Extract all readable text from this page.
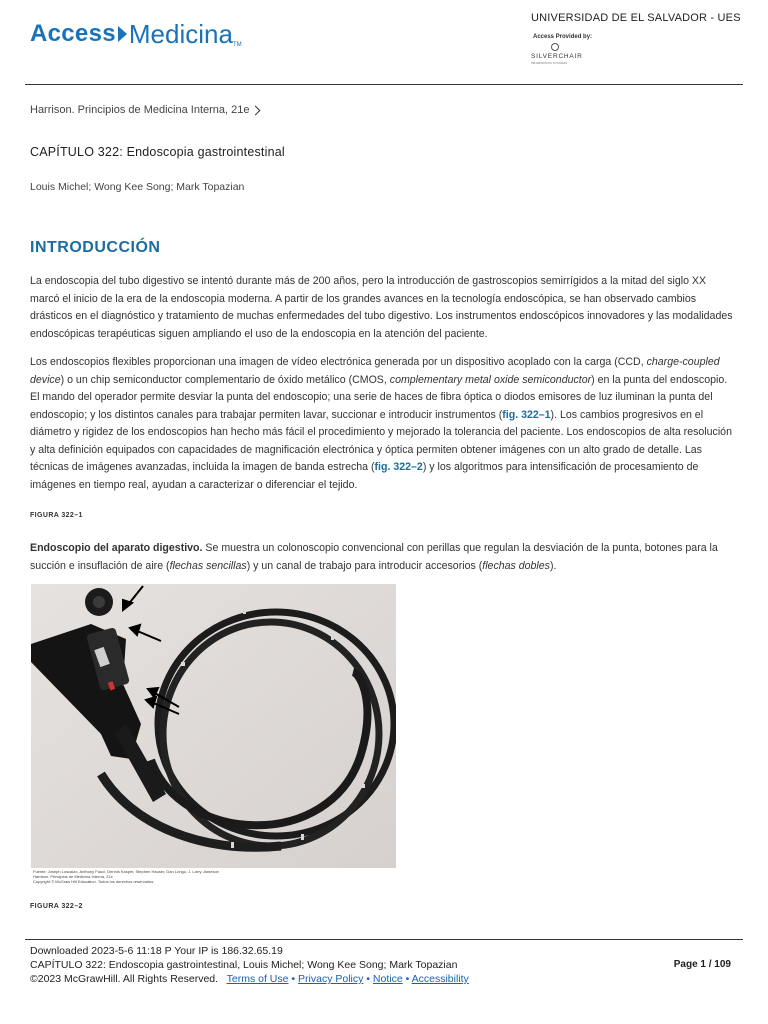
Access Medicina TM
UNIVERSIDAD DE EL SALVADOR - UES
Access Provided by:
SILVERCHAIR
INFORMATION SYSTEMS
Harrison. Principios de Medicina Interna, 21e
CAPÍTULO 322: Endoscopia gastrointestinal
Louis Michel; Wong Kee Song; Mark Topazian
INTRODUCCIÓN

La endoscopia del tubo digestivo se intentó durante más de 200 años, pero la introducción de gastroscopios semirrígidos a la mitad del siglo XX marcó el inicio de la era de la endoscopia moderna. A partir de los grandes avances en la tecnología endoscópica, se han observado cambios drásticos en el diagnóstico y tratamiento de muchas enfermedades del tubo digestivo. Los instrumentos endoscópicos innovadores y las modalidades endoscópicas terapéuticas siguen ampliando el uso de la endoscopia en la atención del paciente.

Los endoscopios flexibles proporcionan una imagen de vídeo electrónica generada por un dispositivo acoplado con la carga (CCD, charge-coupled device) o un chip semiconductor complementario de óxido metálico (CMOS, complementary metal oxide semiconductor) en la punta del endoscopio. El mando del operador permite desviar la punta del endoscopio; una serie de haces de fibra óptica o diodos emisores de luz iluminan la punta del endoscopio; y los distintos canales para trabajar permiten lavar, succionar e introducir instrumentos (fig. 322–1). Los cambios progresivos en el diámetro y rigidez de los endoscopios han hecho más fácil el procedimiento y mejorado la tolerancia del paciente. Los endoscopios de alta resolución y alta definición equipados con capacidades de magnificación electrónica y óptica permiten obtener imágenes con un alto grado de detalle. Las técnicas de imágenes avanzadas, incluida la imagen de banda estrecha (fig. 322–2) y los algoritmos para intensificación de procesamiento de imágenes en tiempo real, ayudan a caracterizar o diferenciar el tejido.

FIGURA 322–1

Endoscopio del aparato digestivo. Se muestra un colonoscopio convencional con perillas que regulan la desviación de la punta, botones para la succión e insuflación de aire (flechas sencillas) y un canal de trabajo para introducir accesorios (flechas dobles).

Fuente: Joseph Loscalzo, Anthony Fauci, Dennis Kasper, Stephen Hauser, Dan Longo, J. Larry Jameson
Harrison. Principios de Medicina Interna, 21e
Copyright © McGraw Hill Education. Todos los derechos reservados.
FIGURA 322–2
Downloaded 2023-5-6 11:18 P Your IP is 186.32.65.19
CAPÍTULO 322: Endoscopia gastrointestinal, Louis Michel; Wong Kee Song; Mark Topazian
©2023 McGrawHill. All Rights Reserved. Terms of Use • Privacy Policy • Notice • Accessibility
Page 1 / 109
